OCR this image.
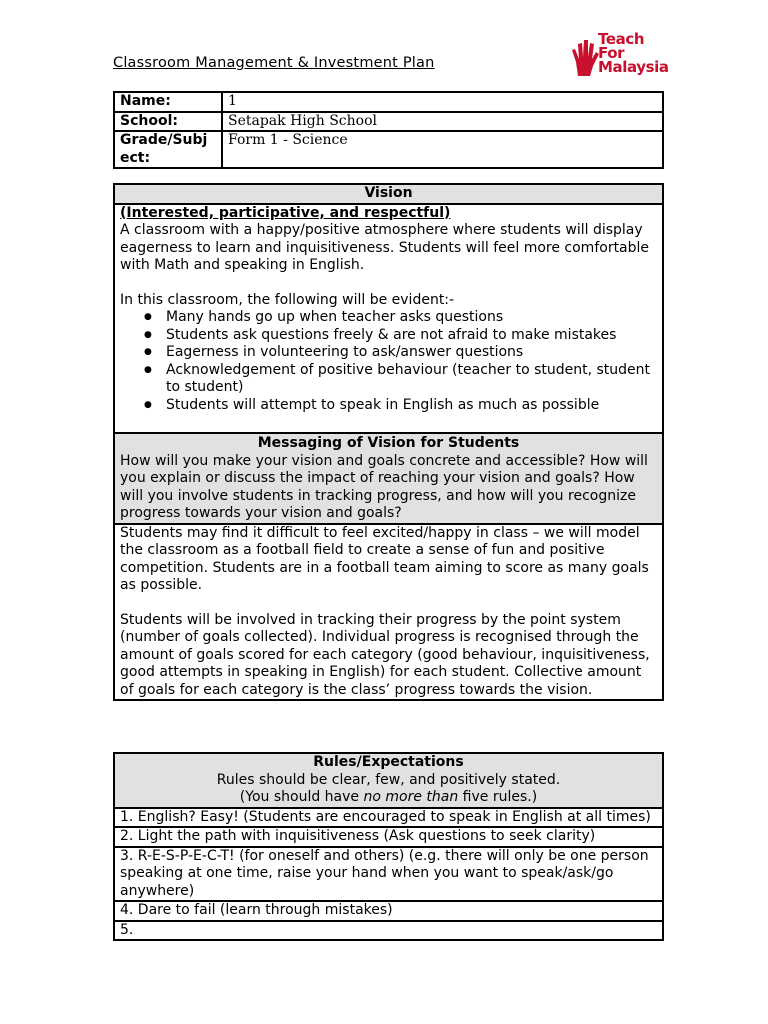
Classroom Management & Investment Plan
Teach
For
Malaysia
Name:	1
School:	Setapak High School
Grade/Subj ect:	Form 1 - Science
Vision

(Interested, participative, and respectful)

A classroom with a happy/positive atmosphere where students will display eagerness to learn and inquisitiveness. Students will feel more comfortable with Math and speaking in English.

In this classroom, the following will be evident:-

● Many hands go up when teacher asks questions
● Students ask questions freely & are not afraid to make mistakes
● Eagerness in volunteering to ask/answer questions
● Acknowledgement of positive behaviour (teacher to student, student to student)
● Students will attempt to speak in English as much as possible

Messaging of Vision for Students

How will you make your vision and goals concrete and accessible? How will you explain or discuss the impact of reaching your vision and goals? How will you involve students in tracking progress, and how will you recognize progress towards your vision and goals?

Students may find it difficult to feel excited/happy in class – we will model the classroom as a football field to create a sense of fun and positive competition. Students are in a football team aiming to score as many goals as possible.

Students will be involved in tracking their progress by the point system (number of goals collected). Individual progress is recognised through the amount of goals scored for each category (good behaviour, inquisitiveness, good attempts in speaking in English) for each student. Collective amount of goals for each category is the class’ progress towards the vision.

Rules/Expectations

Rules should be clear, few, and positively stated.

(You should have no more than five rules.)

1. English? Easy! (Students are encouraged to speak in English at all times)
2. Light the path with inquisitiveness (Ask questions to seek clarity)
3. R-E-S-P-E-C-T! (for oneself and others) (e.g. there will only be one person speaking at one time, raise your hand when you want to speak/ask/go anywhere)
4. Dare to fail (learn through mistakes)
5.
